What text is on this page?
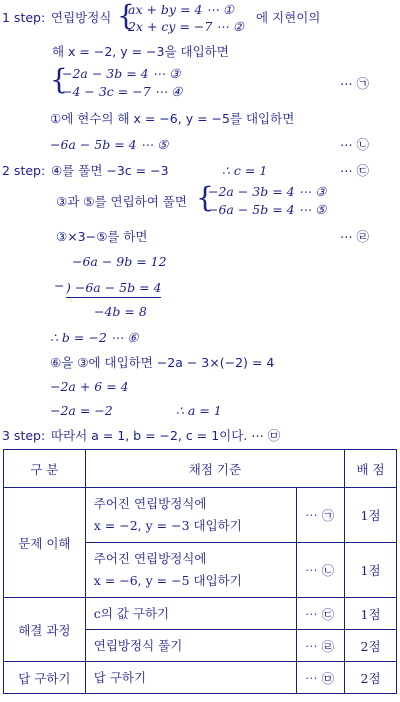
1 step: 연립방정식 {
ax + by = 4 ⋯ ①
2x + cy = −7 ⋯ ②
에 지현이의
해 x = −2, y = −3을 대입하면
{
−2a − 3b = 4 ⋯ ③
−4 − 3c = −7 ⋯ ④
⋯ ㉠
①에 현수의 해 x = −6, y = −5를 대입하면
−6a − 5b = 4 ⋯ ⑤	⋯ ㉡
2 step: ④를 풀면 −3c = −3	∴ c = 1	⋯ ㉢
③과 ⑤를 연립하여 풀면 {
−2a − 3b = 4 ⋯ ③
−6a − 5b = 4 ⋯ ⑤
③×3−⑤를 하면	⋯ ㉣
−6a − 9b = 12
− ) −6a − 5b = 4
−4b = 8
∴ b = −2 ⋯ ⑥
⑥을 ③에 대입하면 −2a − 3×(−2) = 4
−2a + 6 = 4
−2a = −2	∴ a = 1
3 step: 따라서 a = 1, b = −2, c = 1이다. ⋯ ㉤
구 분	채점 기준		배 점
문제 이해	주어진 연립방정식에
x = −2, y = −3 대입하기	⋯ ㉠	1점

	주어진 연립방정식에
x = −6, y = −5 대입하기	⋯ ㉡	1점
해결 과정	c의 값 구하기	⋯ ㉢	1점
	연립방정식 풀기	⋯ ㉣	2점
답 구하기	답 구하기	⋯ ㉤	2점
